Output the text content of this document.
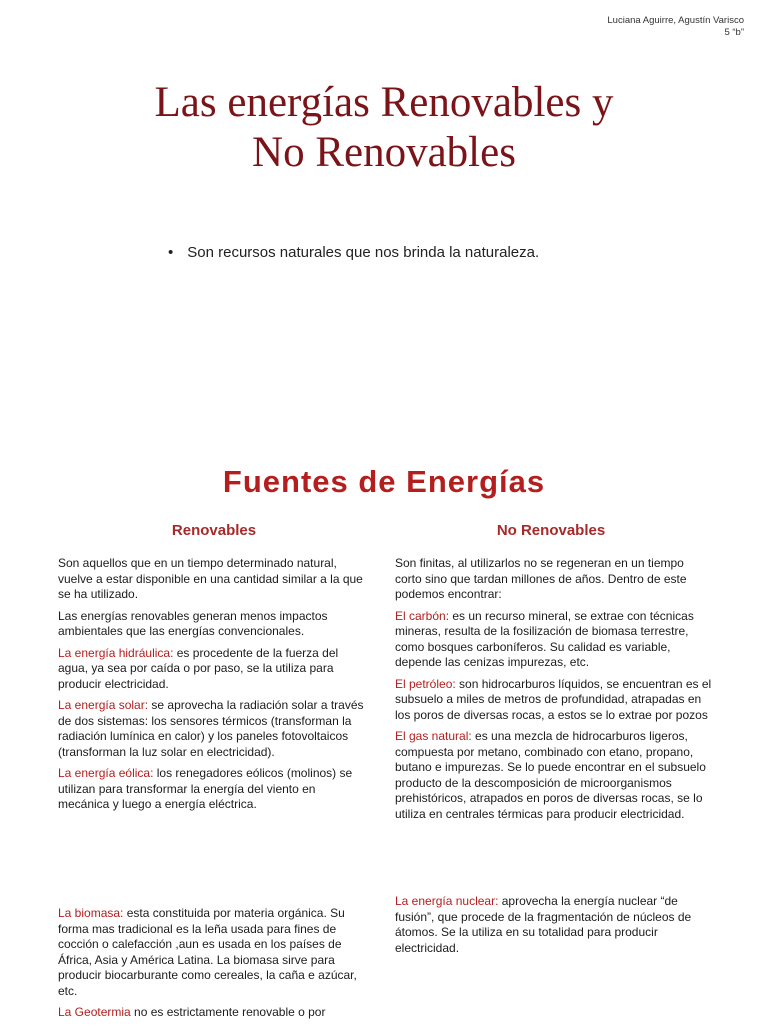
Luciana Aguirre, Agustín Varisco
5 “b”
Las energías Renovables y
No Renovables
• Son recursos naturales que nos brinda la naturaleza.
Fuentes de Energías
Renovables	No Renovables

Son aquellos que en un tiempo determinado natural, vuelve a estar disponible en una cantidad similar a la que se ha utilizado.

Las energías renovables generan menos impactos ambientales que las energías convencionales.

La energía hidráulica: es procedente de la fuerza del agua, ya sea por caída o por paso, se la utiliza para producir electricidad.

La energía solar: se aprovecha la radiación solar a través de dos sistemas: los sensores térmicos (transforman la radiación lumínica en calor) y los paneles fotovoltaicos (transforman la luz solar en electricidad).

La energía eólica: los renegadores eólicos (molinos) se utilizan para transformar la energía del viento en mecánica y luego a energía eléctrica.

La biomasa: esta constituida por materia orgánica. Su forma mas tradicional es la leña usada para fines de cocción o calefacción ,aun es usada en los países de África, Asia y América Latina. La biomasa sirve para producir biocarburante como cereales, la caña e azúcar, etc.

La Geotermia no es estrictamente renovable o por

Son finitas, al utilizarlos no se regeneran en un tiempo corto sino que tardan millones de años. Dentro de este podemos encontrar:

El carbón: es un recurso mineral, se extrae con técnicas mineras, resulta de la fosilización de biomasa terrestre, como bosques carboníferos. Su calidad es variable, depende las cenizas impurezas, etc.

El petróleo: son hidrocarburos líquidos, se encuentran es el subsuelo a miles de metros de profundidad, atrapadas en los poros de diversas rocas, a estos se lo extrae por pozos

El gas natural: es una mezcla de hidrocarburos ligeros, compuesta por metano, combinado con etano, propano, butano e impurezas. Se lo puede encontrar en el subsuelo producto de la descomposición de microorganismos prehistóricos, atrapados en poros de diversas rocas, se lo utiliza en centrales térmicas para producir electricidad.

La energía nuclear: aprovecha la energía nuclear “de fusión”, que procede de la fragmentación de núcleos de átomos. Se la utiliza en su totalidad para producir electricidad.
